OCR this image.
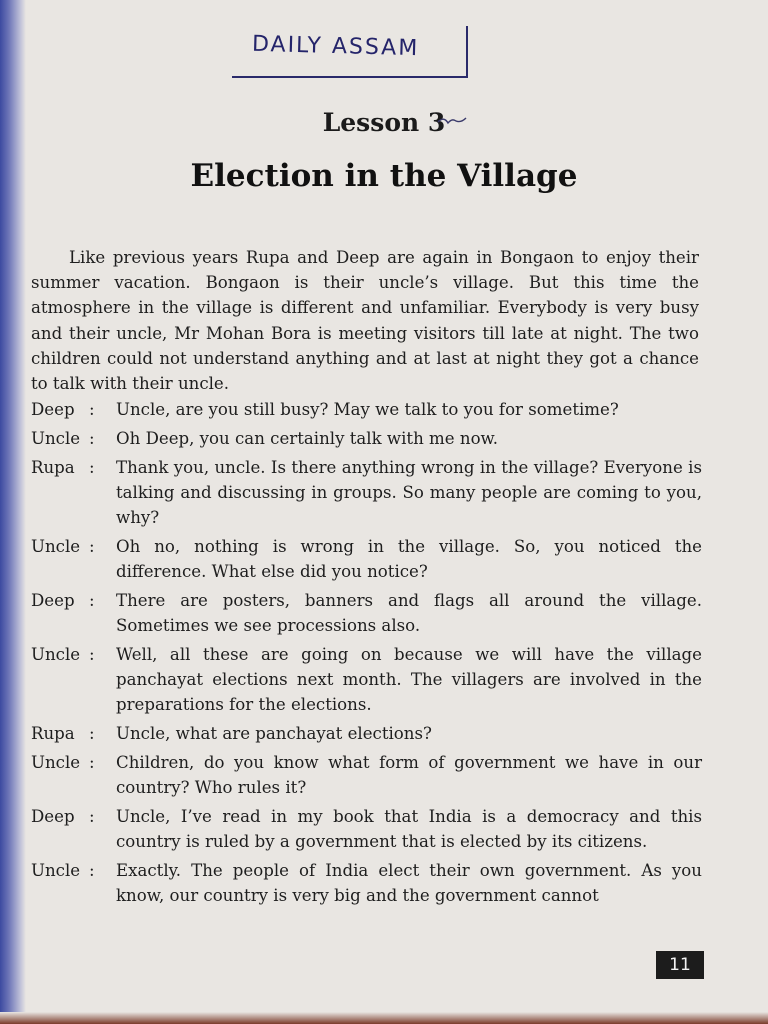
DAILY ASSAM
Lesson 3
Election in the Village

Like previous years Rupa and Deep are again in Bongaon to enjoy their summer vacation. Bongaon is their uncle’s village. But this time the atmosphere in the village is different and unfamiliar. Everybody is very busy and their uncle, Mr Mohan Bora is meeting visitors till late at night. The two children could not understand anything and at last at night they got a chance to talk with their uncle.

Deep :	Uncle, are you still busy? May we talk to you for sometime?
Uncle :	Oh Deep, you can certainly talk with me now.
Rupa :	Thank you, uncle. Is there anything wrong in the village? Everyone is talking and discussing in groups. So many people are coming to you, why?
Uncle :	Oh no, nothing is wrong in the village. So, you noticed the difference. What else did you notice?
Deep :	There are posters, banners and flags all around the village. Sometimes we see processions also.
Uncle :	Well, all these are going on because we will have the village panchayat elections next month. The villagers are involved in the preparations for the elections.
Rupa :	Uncle, what are panchayat elections?
Uncle :	Children, do you know what form of government we have in our country? Who rules it?
Deep :	Uncle, I’ve read in my book that India is a democracy and this country is ruled by a government that is elected by its citizens.
Uncle :	Exactly. The people of India elect their own government. As you know, our country is very big and the government cannot
11
